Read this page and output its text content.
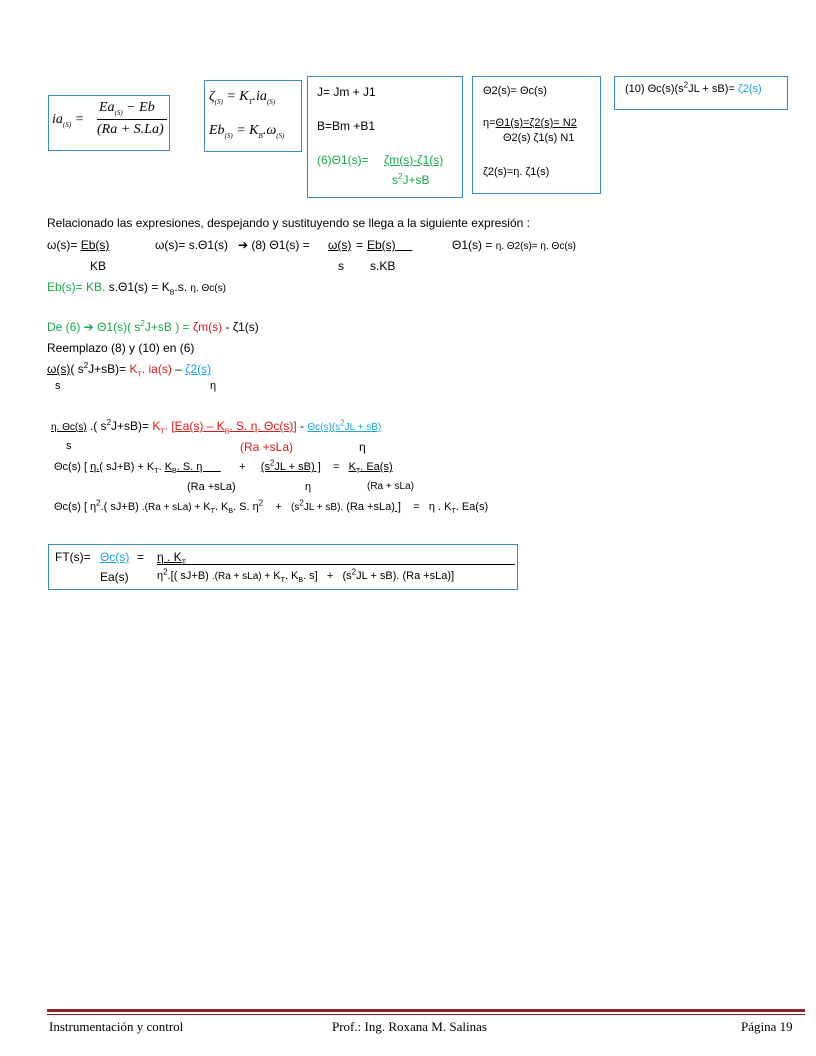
$ia_{(S)}$ =
$Ea_{(S)} - Eb$
(Ra + S.La)
$\zeta_{(S)} = K_T.ia_{(S)}$
$Eb_{(S)} = K_B.\omega_{(S)}$
J= Jm + J1
B=Bm +B1
(6)Θ1(s)= ζm(s)-ζ1(s)
$s^2J+sB$
Θ2(s)= Θc(s)
η=Θ1(s)=ζ2(s)= N2
Θ2(s) ζ1(s) N1
ζ2(s)=η. ζ1(s)
(10) $\Theta c(s)(s^2JL + sB)= \zeta 2(s)$
Relacionado las expresiones, despejando y sustituyendo se llega a la siguiente expresión :
ω(s)= Eb(s)	ω(s)= s.Θ1(s) ➔ (8) Θ1(s) = ω(s) = Eb(s)	Θ1(s) = η. Θ2(s)= η. Θc(s)
KB	s s.KB
Eb(s)= KB. $s.\Theta 1(s) = K_B.s$. η. Θc(s)
De (6) ➔ Θ1(s)( $s^2J+sB$ ) = ζm(s) - ζ1(s)
Reemplazo (8) y (10) en (6)
ω(s)( $s^2J+sB)= K_T$. ia(s) – ζ2(s)
s	η
η. Θc(s) .( $s^2J+sB)= K_T$. [$Ea(s) - K_B$. S. η. $\Theta c(s)] - \Theta c(s)(s^2JL + sB)$
s	(Ra +sLa)	η
Θc(s) [ η.( $sJ+B) + K_T$. $K_B$. S. η            +     $(s^2JL + sB)$ ]    =   $K_T$. Ea(s)
(Ra +sLa)	η	(Ra + sLa)
Θc(s) [ $\eta^2$.( sJ+B) $.(Ra + sLa) + K_T$. $K_B$. S. $\eta^2$    +   $(s^2JL + sB)$. (Ra +sLa) ]    =   η . $K_T$. Ea(s)
FT(s)= Θc(s) = η . $K_T$
Ea(s)	$\eta^2$.[( sJ+B) $.(Ra + sLa) + K_T$. $K_B$. $s] + (s^2JL + sB)$. (Ra +sLa)]
Instrumentación y control	Prof.: Ing. Roxana M. Salinas	Página 19
